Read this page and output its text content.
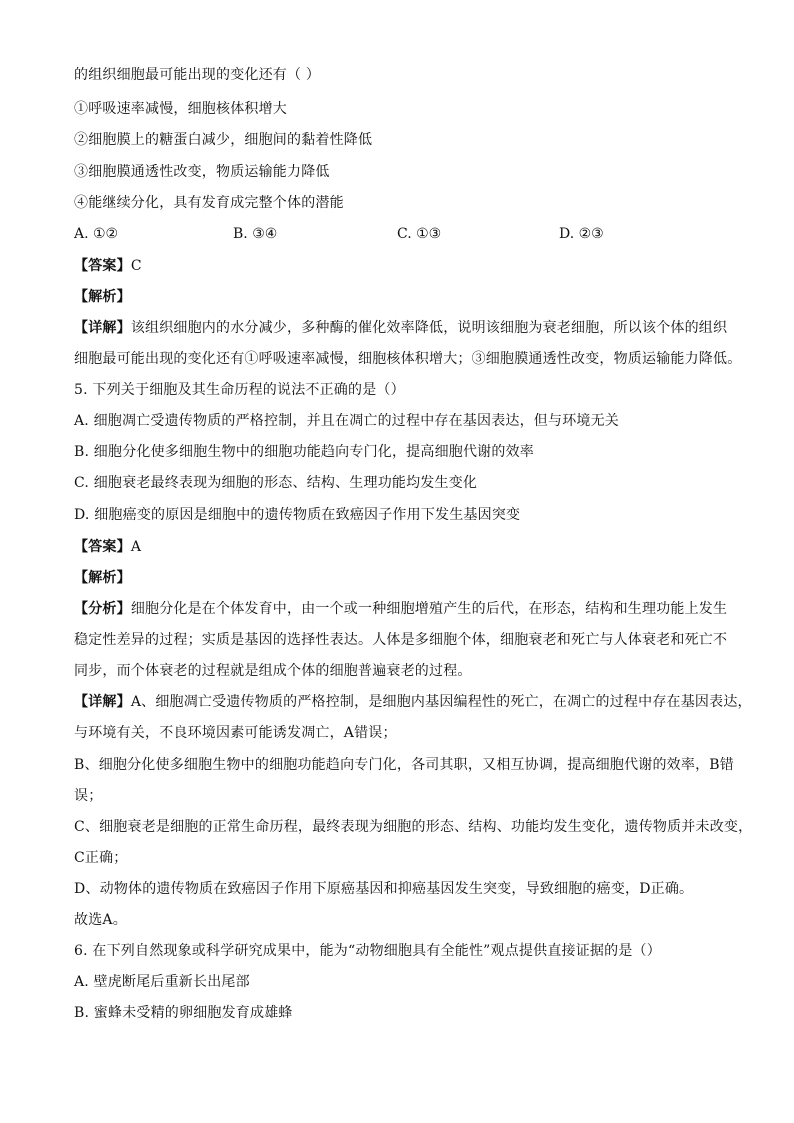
的组织细胞最可能出现的变化还有（ ）
①呼吸速率减慢，细胞核体积增大
②细胞膜上的糖蛋白减少，细胞间的黏着性降低
③细胞膜通透性改变，物质运输能力降低
④能继续分化，具有发育成完整个体的潜能
A. ①②	B. ③④	C. ①③	D. ②③
【答案】C
【解析】
【详解】该组织细胞内的水分减少，多种酶的催化效率降低，说明该细胞为衰老细胞，所以该个体的组织
细胞最可能出现的变化还有①呼吸速率减慢，细胞核体积增大；③细胞膜通透性改变，物质运输能力降低。
5. 下列关于细胞及其生命历程的说法不正确的是（）
A. 细胞凋亡受遗传物质的严格控制，并且在凋亡的过程中存在基因表达，但与环境无关
B. 细胞分化使多细胞生物中的细胞功能趋向专门化，提高细胞代谢的效率
C. 细胞衰老最终表现为细胞的形态、结构、生理功能均发生变化
D. 细胞癌变的原因是细胞中的遗传物质在致癌因子作用下发生基因突变
【答案】A
【解析】
【分析】细胞分化是在个体发育中，由一个或一种细胞增殖产生的后代，在形态，结构和生理功能上发生
稳定性差异的过程；实质是基因的选择性表达。人体是多细胞个体，细胞衰老和死亡与人体衰老和死亡不
同步，而个体衰老的过程就是组成个体的细胞普遍衰老的过程。
【详解】A、细胞凋亡受遗传物质的严格控制，是细胞内基因编程性的死亡，在凋亡的过程中存在基因表达，
与环境有关，不良环境因素可能诱发凋亡，A错误；
B、细胞分化使多细胞生物中的细胞功能趋向专门化，各司其职，又相互协调，提高细胞代谢的效率，B错
误；
C、细胞衰老是细胞的正常生命历程，最终表现为细胞的形态、结构、功能均发生变化，遗传物质并未改变，
C正确；
D、动物体的遗传物质在致癌因子作用下原癌基因和抑癌基因发生突变，导致细胞的癌变，D正确。
故选A。
6. 在下列自然现象或科学研究成果中，能为“动物细胞具有全能性”观点提供直接证据的是（）
A. 壁虎断尾后重新长出尾部
B. 蜜蜂未受精的卵细胞发育成雄蜂
